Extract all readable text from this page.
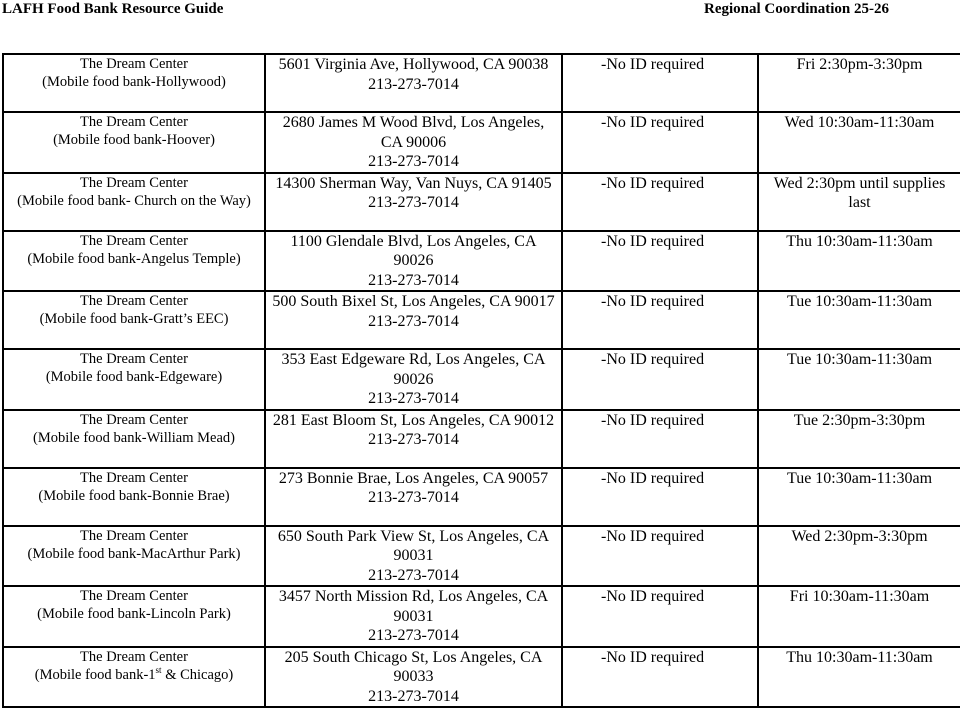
LAFH Food Bank Resource Guide	Regional Coordination 25-26
The Dream Center
(Mobile food bank-Hollywood)	5601 Virginia Ave, Hollywood, CA 90038
213-273-7014	-No ID required	Fri 2:30pm-3:30pm

The Dream Center
(Mobile food bank-Hoover)	2680 James M Wood Blvd, Los Angeles, CA 90006
213-273-7014	-No ID required	Wed 10:30am-11:30am

The Dream Center
(Mobile food bank- Church on the Way)	14300 Sherman Way, Van Nuys, CA 91405
213-273-7014	-No ID required	Wed 2:30pm until supplies last

The Dream Center
(Mobile food bank-Angelus Temple)	1100 Glendale Blvd, Los Angeles, CA 90026
213-273-7014	-No ID required	Thu 10:30am-11:30am

The Dream Center
(Mobile food bank-Gratt’s EEC)	500 South Bixel St, Los Angeles, CA 90017
213-273-7014	-No ID required	Tue 10:30am-11:30am

The Dream Center
(Mobile food bank-Edgeware)	353 East Edgeware Rd, Los Angeles, CA 90026
213-273-7014	-No ID required	Tue 10:30am-11:30am

The Dream Center
(Mobile food bank-William Mead)	281 East Bloom St, Los Angeles, CA 90012
213-273-7014	-No ID required	Tue 2:30pm-3:30pm

The Dream Center
(Mobile food bank-Bonnie Brae)	273 Bonnie Brae, Los Angeles, CA 90057
213-273-7014	-No ID required	Tue 10:30am-11:30am

The Dream Center
(Mobile food bank-MacArthur Park)	650 South Park View St, Los Angeles, CA 90031
213-273-7014	-No ID required	Wed 2:30pm-3:30pm

The Dream Center
(Mobile food bank-Lincoln Park)	3457 North Mission Rd, Los Angeles, CA 90031
213-273-7014	-No ID required	Fri 10:30am-11:30am

The Dream Center
(Mobile food bank-1st & Chicago)	205 South Chicago St, Los Angeles, CA 90033
213-273-7014	-No ID required	Thu 10:30am-11:30am
